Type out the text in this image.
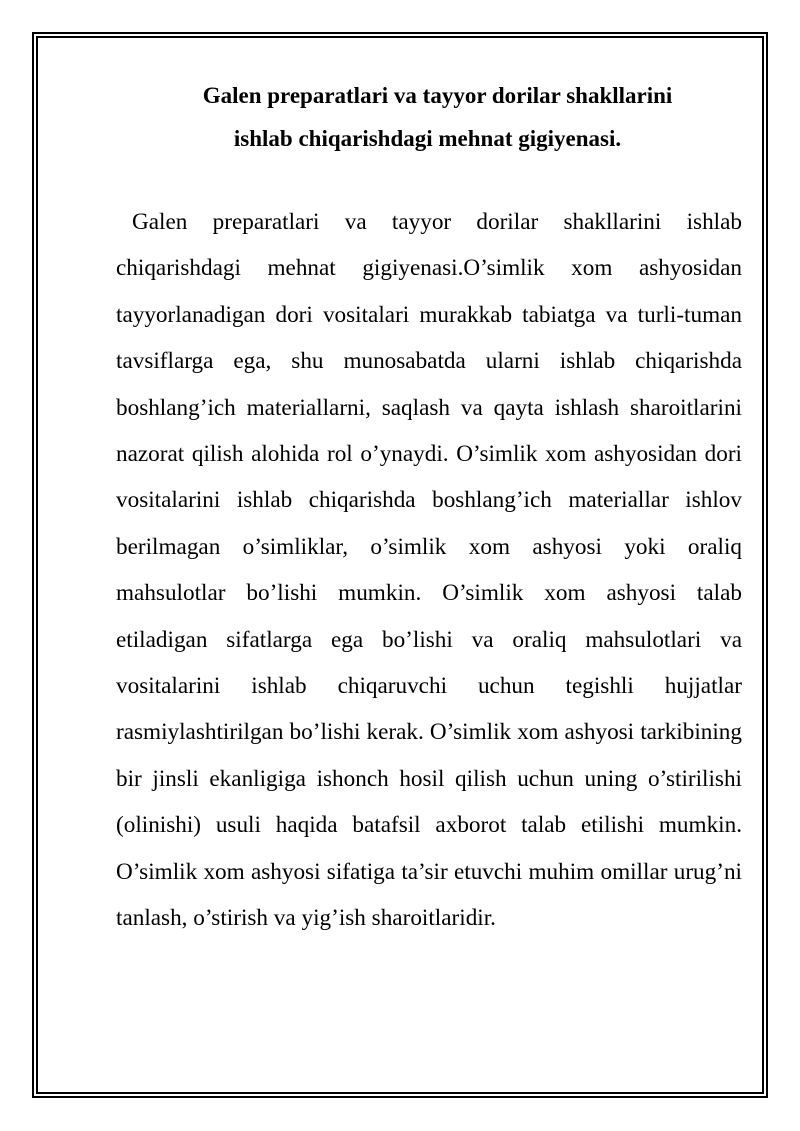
Galen preparatlari va tayyor dorilar shakllarini
ishlab chiqarishdagi mehnat gigiyenasi.

Galen preparatlari va tayyor dorilar shakllarini ishlab chiqarishdagi mehnat gigiyenasi.O’simlik xom ashyosidan tayyorlanadigan dori vositalari murakkab tabiatga va turli-tuman tavsiflarga ega, shu munosabatda ularni ishlab chiqarishda boshlang’ich materiallarni, saqlash va qayta ishlash sharoitlarini nazorat qilish alohida rol o’ynaydi. O’simlik xom ashyosidan dori vositalarini ishlab chiqarishda boshlang’ich materiallar ishlov berilmagan o’simliklar, o’simlik xom ashyosi yoki oraliq mahsulotlar bo’lishi mumkin. O’simlik xom ashyosi talab etiladigan sifatlarga ega bo’lishi va oraliq mahsulotlari va vositalarini ishlab chiqaruvchi uchun tegishli hujjatlar rasmiylashtirilgan bo’lishi kerak. O’simlik xom ashyosi tarkibining bir jinsli ekanligiga ishonch hosil qilish uchun uning o’stirilishi (olinishi) usuli haqida batafsil axborot talab etilishi mumkin. O’simlik xom ashyosi sifatiga ta’sir etuvchi muhim omillar urug’ni tanlash, o’stirish va yig’ish sharoitlaridir.
